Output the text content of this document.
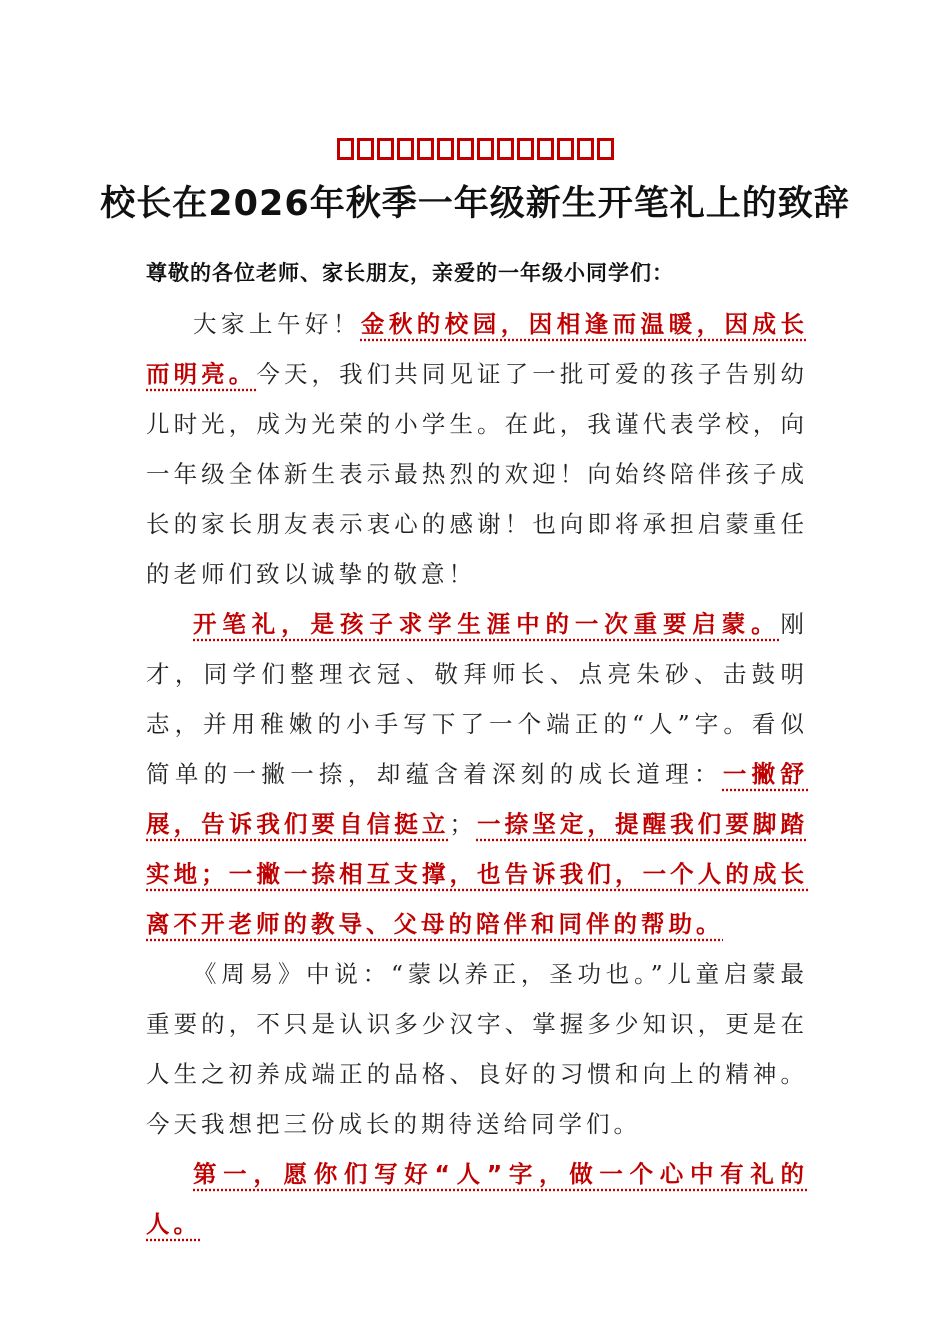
校长在2026年秋季一年级新生开笔礼上的致辞
尊敬的各位老师、家长朋友，亲爱的一年级小同学们：

大家上午好！金秋的校园，因相逢而温暖，因成长而明亮。今天，我们共同见证了一批可爱的孩子告别幼儿时光，成为光荣的小学生。在此，我谨代表学校，向一年级全体新生表示最热烈的欢迎！向始终陪伴孩子成长的家长朋友表示衷心的感谢！也向即将承担启蒙重任的老师们致以诚挚的敬意！

开笔礼，是孩子求学生涯中的一次重要启蒙。刚才，同学们整理衣冠、敬拜师长、点亮朱砂、击鼓明志，并用稚嫩的小手写下了一个端正的“人”字。看似简单的一撇一捺，却蕴含着深刻的成长道理：一撇舒展，告诉我们要自信挺立；一捺坚定，提醒我们要脚踏实地；一撇一捺相互支撑，也告诉我们，一个人的成长离不开老师的教导、父母的陪伴和同伴的帮助。

《周易》中说：“蒙以养正，圣功也。”儿童启蒙最重要的，不只是认识多少汉字、掌握多少知识，更是在人生之初养成端正的品格、良好的习惯和向上的精神。今天我想把三份成长的期待送给同学们。

第一，愿你们写好“人”字，做一个心中有礼的人。
